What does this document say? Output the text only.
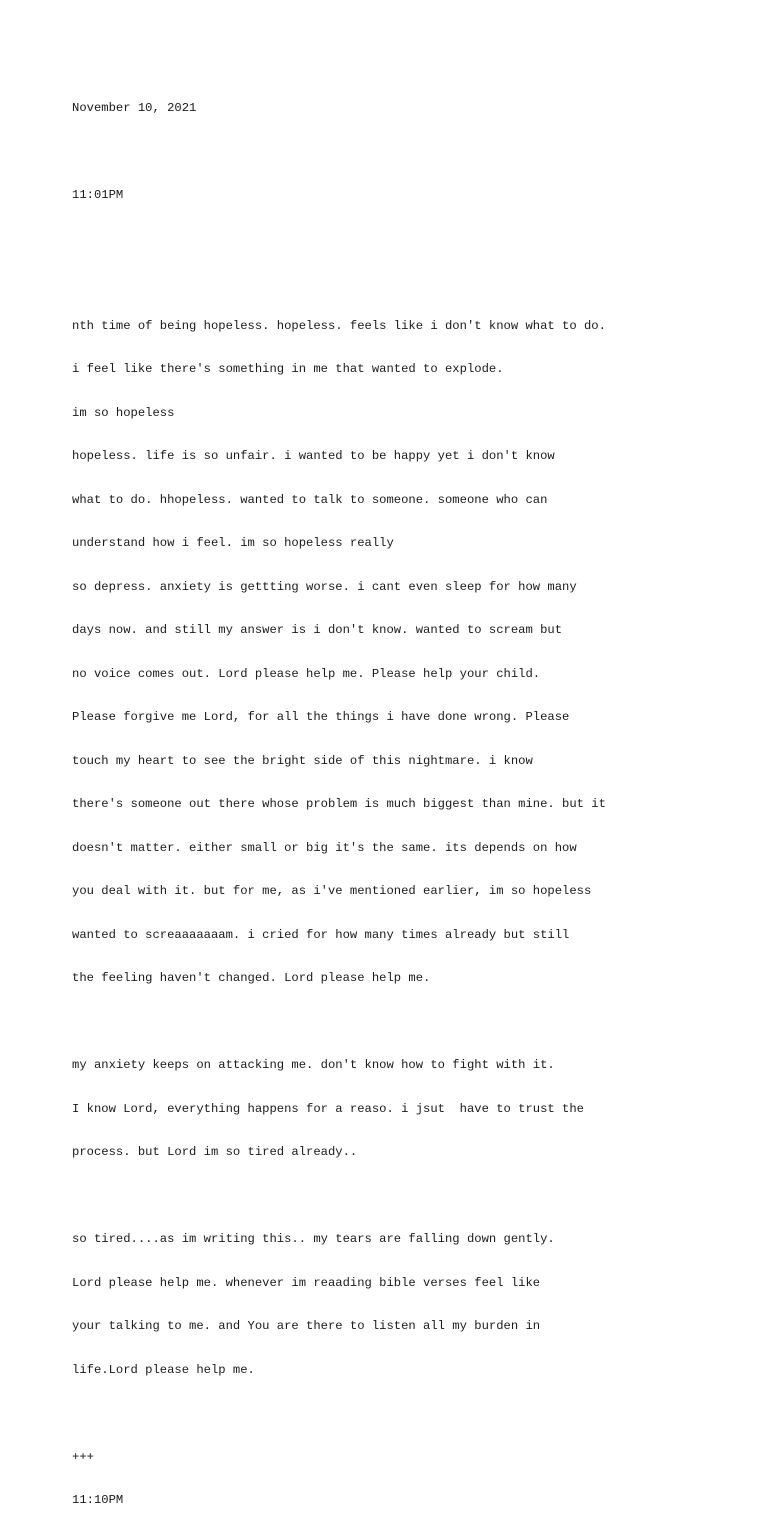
November 10, 2021

11:01PM

nth time of being hopeless. hopeless. feels like i don't know what to do.

i feel like there's something in me that wanted to explode.

im so hopeless

hopeless. life is so unfair. i wanted to be happy yet i don't know

what to do. hhopeless. wanted to talk to someone. someone who can

understand how i feel. im so hopeless really

so depress. anxiety is gettting worse. i cant even sleep for how many

days now. and still my answer is i don't know. wanted to scream but

no voice comes out. Lord please help me. Please help your child.

Please forgive me Lord, for all the things i have done wrong. Please

touch my heart to see the bright side of this nightmare. i know

there's someone out there whose problem is much biggest than mine. but it

doesn't matter. either small or big it's the same. its depends on how

you deal with it. but for me, as i've mentioned earlier, im so hopeless

wanted to screaaaaaaam. i cried for how many times already but still

the feeling haven't changed. Lord please help me.

my anxiety keeps on attacking me. don't know how to fight with it.

I know Lord, everything happens for a reaso. i jsut  have to trust the

process. but Lord im so tired already..

so tired....as im writing this.. my tears are falling down gently.

Lord please help me. whenever im reaading bible verses feel like

your talking to me. and You are there to listen all my burden in

life.Lord please help me.

+++

11:10PM
